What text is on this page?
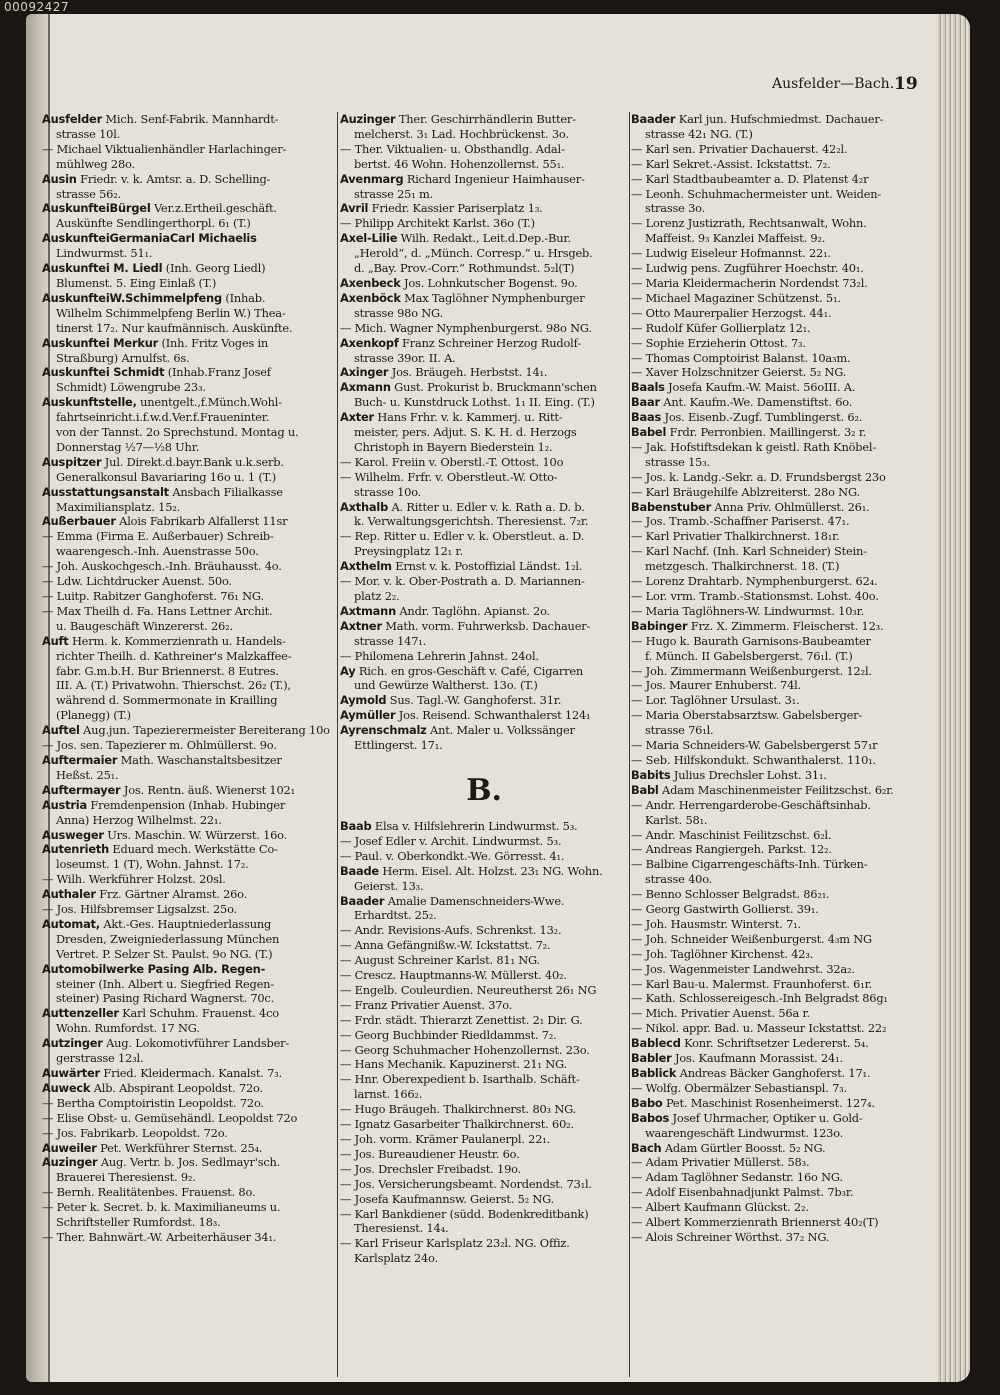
00092427
Ausfelder—Bach. 19
Ausfelder Mich. Senf-Fabrik. Mannhardt-
strasse 10l.
— Michael Viktualienhändler Harlachinger-
mühlweg 28o.
Ausin Friedr. v. k. Amtsr. a. D. Schelling-
strasse 56₂.
AuskunfteiBürgel Ver.z.Ertheil.geschäft.
Auskünfte Sendlingerthorpl. 6₁ (T.)
AuskunfteiGermaniaCarl Michaelis
Lindwurmst. 51₁.
Auskunftei M. Liedl (Inh. Georg Liedl)
Blumenst. 5. Eing Einlaß (T.)
AuskunfteiW.Schimmelpfeng (Inhab.
Wilhelm Schimmelpfeng Berlin W.) Thea-
tinerst 17₂. Nur kaufmännisch. Auskünfte.
Auskunftei Merkur (Inh. Fritz Voges in
Straßburg) Arnulfst. 6s.
Auskunftei Schmidt (Inhab.Franz Josef
Schmidt) Löwengrube 23₃.
Auskunftstelle, unentgelt.,f.Münch.Wohl-
fahrtseinricht.i.f.w.d.Ver.f.Fraueninter.
von der Tannst. 2o Sprechstund. Montag u.
Donnerstag ½7—½8 Uhr.
Auspitzer Jul. Direkt.d.bayr.Bank u.k.serb.
Generalkonsul Bavariaring 16o u. 1 (T.)
Ausstattungsanstalt Ansbach Filialkasse
Maximiliansplatz. 15₂.
Außerbauer Alois Fabrikarb Alfallerst 11sr
— Emma (Firma E. Außerbauer) Schreib-
waarengesch.-Inh. Auenstrasse 50o.
— Joh. Auskochgesch.-Inh. Bräuhausst. 4o.
— Ldw. Lichtdrucker Auenst. 50o.
— Luitp. Rabitzer Ganghoferst. 76₁ NG.
— Max Theilh d. Fa. Hans Lettner Archit.
u. Baugeschäft Winzererst. 26₂.
Auft Herm. k. Kommerzienrath u. Handels-
richter Theilh. d. Kathreiner's Malzkaffee-
fabr. G.m.b.H. Bur Briennerst. 8 Eutres.
III. A. (T.) Privatwohn. Thierschst. 26₂ (T.),
während d. Sommermonate in Krailling
(Planegg) (T.)
Auftel Aug.jun. Tapezierermeister Bereiterang 10o
— Jos. sen. Tapezierer m. Ohlmüllerst. 9o.
Auftermaier Math. Waschanstaltsbesitzer
Heßst. 25₁.
Auftermayer Jos. Rentn. äuß. Wienerst 102₁
Austria Fremdenpension (Inhab. Hubinger
Anna) Herzog Wilhelmst. 22₁.
Ausweger Urs. Maschin. W. Würzerst. 16o.
Autenrieth Eduard mech. Werkstätte Co-
loseumst. 1 (T), Wohn. Jahnst. 17₂.
— Wilh. Werkführer Holzst. 20sl.
Authaler Frz. Gärtner Alramst. 26o.
— Jos. Hilfsbremser Ligsalzst. 25o.
Automat, Akt.-Ges. Hauptniederlassung
Dresden, Zweigniederlassung München
Vertret. P. Selzer St. Paulst. 9o NG. (T.)
Automobilwerke Pasing Alb. Regen-
steiner (Inh. Albert u. Siegfried Regen-
steiner) Pasing Richard Wagnerst. 70c.
Auttenzeller Karl Schuhm. Frauenst. 4co
Wohn. Rumfordst. 17 NG.
Autzinger Aug. Lokomotivführer Landsber-
gerstrasse 12₃l.
Auwärter Fried. Kleidermach. Kanalst. 7₃.
Auweck Alb. Abspirant Leopoldst. 72o.
— Bertha Comptoiristin Leopoldst. 72o.
— Elise Obst- u. Gemüsehändl. Leopoldst 72o
— Jos. Fabrikarb. Leopoldst. 72o.
Auweiler Pet. Werkführer Sternst. 25₄.
Auzinger Aug. Vertr. b. Jos. Sedlmayr'sch.
Brauerei Theresienst. 9₂.
— Bernh. Realitätenbes. Frauenst. 8o.
— Peter k. Secret. b. k. Maximilianeums u.
Schriftsteller Rumfordst. 18₃.
— Ther. Bahnwärt.-W. Arbeiterhäuser 34₁.
Auzinger Ther. Geschirrhändlerin Butter-
melcherst. 3₁ Lad. Hochbrückenst. 3o.
— Ther. Viktualien- u. Obsthandlg. Adal-
bertst. 46 Wohn. Hohenzollernst. 55₁.
Avenmarg Richard Ingenieur Haimhauser-
strasse 25₁ m.
Avril Friedr. Kassier Pariserplatz 1₃.
— Philipp Architekt Karlst. 36o (T.)
Axel-Lilie Wilh. Redakt., Leit.d.Dep.-Bur.
„Herold“, d. „Münch. Corresp.“ u. Hrsgeb.
d. „Bay. Prov.-Corr.“ Rothmundst. 5₂l(T)
Axenbeck Jos. Lohnkutscher Bogenst. 9o.
Axenböck Max Taglöhner Nymphenburger
strasse 98o NG.
— Mich. Wagner Nymphenburgerst. 98o NG.
Axenkopf Franz Schreiner Herzog Rudolf-
strasse 39or. II. A.
Axinger Jos. Bräugeh. Herbstst. 14₁.
Axmann Gust. Prokurist b. Bruckmann'schen
Buch- u. Kunstdruck Lothst. 1₁ II. Eing. (T.)
Axter Hans Frhr. v. k. Kammerj. u. Ritt-
meister, pers. Adjut. S. K. H. d. Herzogs
Christoph in Bayern Biederstein 1₂.
— Karol. Freiin v. Oberstl.-T. Ottost. 10o
— Wilhelm. Frfr. v. Oberstleut.-W. Otto-
strasse 10o.
Axthalb A. Ritter u. Edler v. k. Rath a. D. b.
k. Verwaltungsgerichtsh. Theresienst. 7₂r.
— Rep. Ritter u. Edler v. k. Oberstleut. a. D.
Preysingplatz 12₁ r.
Axthelm Ernst v. k. Postoffizial Ländst. 1₂l.
— Mor. v. k. Ober-Postrath a. D. Mariannen-
platz 2₂.
Axtmann Andr. Taglöhn. Apianst. 2o.
Axtner Math. vorm. Fuhrwerksb. Dachauer-
strasse 147₁.
— Philomena Lehrerin Jahnst. 24ol.
Ay Rich. en gros-Geschäft v. Café, Cigarren
und Gewürze Waltherst. 13o. (T.)
Aymold Sus. Tagl.-W. Ganghoferst. 31r.
Aymüller Jos. Reisend. Schwanthalerst 124₁
Ayrenschmalz Ant. Maler u. Volkssänger
Ettlingerst. 17₁.
B.
Baab Elsa v. Hilfslehrerin Lindwurmst. 5₃.
— Josef Edler v. Archit. Lindwurmst. 5₃.
— Paul. v. Oberkondkt.-We. Görresst. 4₁.
Baade Herm. Eisel. Alt. Holzst. 23₁ NG. Wohn.
Geierst. 13₃.
Baader Amalie Damenschneiders-Wwe.
Erhardtst. 25₂.
— Andr. Revisions-Aufs. Schrenkst. 13₂.
— Anna Gefängnißw.-W. Ickstattst. 7₂.
— August Schreiner Karlst. 81₁ NG.
— Crescz. Hauptmanns-W. Müllerst. 40₂.
— Engelb. Couleurdien. Neureutherst 26₁ NG
— Franz Privatier Auenst. 37o.
— Frdr. städt. Thierarzt Zenettist. 2₁ Dir. G.
— Georg Buchbinder Riedldammst. 7₂.
— Georg Schuhmacher Hohenzollernst. 23o.
— Hans Mechanik. Kapuzinerst. 21₁ NG.
— Hnr. Oberexpedient b. Isarthalb. Schäft-
larnst. 166₂.
— Hugo Bräugeh. Thalkirchnerst. 80₃ NG.
— Ignatz Gasarbeiter Thalkirchnerst. 60₂.
— Joh. vorm. Krämer Paulanerpl. 22₁.
— Jos. Bureaudiener Heustr. 6o.
— Jos. Drechsler Freibadst. 19o.
— Jos. Versicherungsbeamt. Nordendst. 73₁l.
— Josefa Kaufmannsw. Geierst. 5₂ NG.
— Karl Bankdiener (südd. Bodenkreditbank)
Theresienst. 14₄.
— Karl Friseur Karlsplatz 23₂l. NG. Offiz.
Karlsplatz 24o.
Baader Karl jun. Hufschmiedmst. Dachauer-
strasse 42₁ NG. (T.)
— Karl sen. Privatier Dachauerst. 42₂l.
— Karl Sekret.-Assist. Ickstattst. 7₂.
— Karl Stadtbaubeamter a. D. Platenst 4₂r
— Leonh. Schuhmachermeister unt. Weiden-
strasse 3o.
— Lorenz Justizrath, Rechtsanwalt, Wohn.
Maffeist. 9₃ Kanzlei Maffeist. 9₂.
— Ludwig Eiseleur Hofmannst. 22₁.
— Ludwig pens. Zugführer Hoechstr. 40₁.
— Maria Kleidermacherin Nordendst 73₂l.
— Michael Magaziner Schützenst. 5₁.
— Otto Maurerpalier Herzogst. 44₁.
— Rudolf Küfer Gollierplatz 12₁.
— Sophie Erzieherin Ottost. 7₃.
— Thomas Comptoirist Balanst. 10a₃m.
— Xaver Holzschnitzer Geierst. 5₂ NG.
Baals Josefa Kaufm.-W. Maist. 56oIII. A.
Baar Ant. Kaufm.-We. Damenstiftst. 6o.
Baas Jos. Eisenb.-Zugf. Tumblingerst. 6₂.
Babel Frdr. Perronbien. Maillingerst. 3₂ r.
— Jak. Hofstiftsdekan k geistl. Rath Knöbel-
strasse 15₃.
— Jos. k. Landg.-Sekr. a. D. Frundsbergst 23o
— Karl Bräugehilfe Ablzreiterst. 28o NG.
Babenstuber Anna Priv. Ohlmüllerst. 26₁.
— Jos. Tramb.-Schaffner Pariserst. 47₁.
— Karl Privatier Thalkirchnerst. 18₁r.
— Karl Nachf. (Inh. Karl Schneider) Stein-
metzgesch. Thalkirchnerst. 18. (T.)
— Lorenz Drahtarb. Nymphenburgerst. 62₄.
— Lor. vrm. Tramb.-Stationsmst. Lohst. 40o.
— Maria Taglöhners-W. Lindwurmst. 10₃r.
Babinger Frz. X. Zimmerm. Fleischerst. 12₃.
— Hugo k. Baurath Garnisons-Baubeamter
f. Münch. II Gabelsbergerst. 76₁l. (T.)
— Joh. Zimmermann Weißenburgerst. 12₂l.
— Jos. Maurer Enhuberst. 74l.
— Lor. Taglöhner Ursulast. 3₁.
— Maria Oberstabsarztsw. Gabelsberger-
strasse 76₁l.
— Maria Schneiders-W. Gabelsbergerst 57₁r
— Seb. Hilfskondukt. Schwanthalerst. 110₁.
Babits Julius Drechsler Lohst. 31₁.
Babl Adam Maschinenmeister Feilitzschst. 6₂r.
— Andr. Herrengarderobe-Geschäftsinhab.
Karlst. 58₁.
— Andr. Maschinist Feilitzschst. 6₂l.
— Andreas Rangiergeh. Parkst. 12₂.
— Balbine Cigarrengeschäfts-Inh. Türken-
strasse 40o.
— Benno Schlosser Belgradst. 86₂₁.
— Georg Gastwirth Gollierst. 39₁.
— Joh. Hausmstr. Winterst. 7₁.
— Joh. Schneider Weißenburgerst. 4₃m NG
— Joh. Taglöhner Kirchenst. 42₃.
— Jos. Wagenmeister Landwehrst. 32a₂.
— Karl Bau-u. Malermst. Fraunhoferst. 6₁r.
— Kath. Schlossereigesch.-Inh Belgradst 86g₁
— Mich. Privatier Auenst. 56a r.
— Nikol. appr. Bad. u. Masseur Ickstattst. 22₂
Bablecd Konr. Schriftsetzer Ledererst. 5₄.
Babler Jos. Kaufmann Morassist. 24₁.
Bablick Andreas Bäcker Ganghoferst. 17₁.
— Wolfg. Obermälzer Sebastianspl. 7₃.
Babo Pet. Maschinist Rosenheimerst. 127₄.
Babos Josef Uhrmacher, Optiker u. Gold-
waarengeschäft Lindwurmst. 123o.
Bach Adam Gürtler Boosst. 5₂ NG.
— Adam Privatier Müllerst. 58₃.
— Adam Taglöhner Sedanstr. 16o NG.
— Adolf Eisenbahnadjunkt Palmst. 7b₃r.
— Albert Kaufmann Glückst. 2₂.
— Albert Kommerzienrath Briennerst 40₂(T)
— Alois Schreiner Wörthst. 37₂ NG.
